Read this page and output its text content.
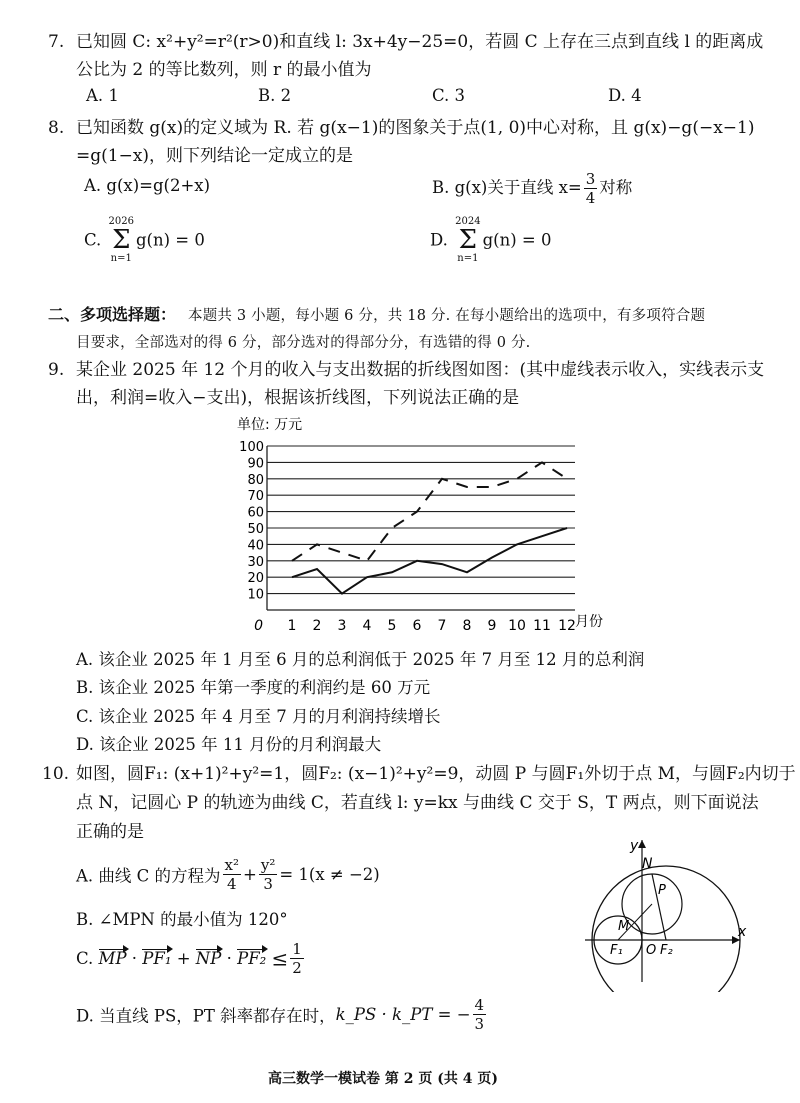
7. 已知圆 C: x²+y²=r²(r>0)和直线 l: 3x+4y−25=0，若圆 C 上存在三点到直线 l 的距离成
公比为 2 的等比数列，则 r 的最小值为
A. 1	B. 2	C. 3	D. 4
8. 已知函数 g(x)的定义域为 R. 若 g(x−1)的图象关于点(1, 0)中心对称，且 g(x)−g(−x−1)
=g(1−x)，则下列结论一定成立的是
A. g(x)=g(2+x)	B. g(x)关于直线 $x= \frac{3}{4}$ 对称
C.
2026
Σ
n=1
g(n) = 0	D.
2024
Σ
n=1
g(n) = 0
二、多项选择题： 本题共 3 小题，每小题 6 分，共 18 分. 在每小题给出的选项中，有多项符合题
目要求，全部选对的得 6 分，部分选对的得部分分，有选错的得 0 分.
9. 某企业 2025 年 12 个月的收入与支出数据的折线图如图：(其中虚线表示收入，实线表示支
出，利润=收入−支出)，根据该折线图，下列说法正确的是
单位: 万元
10
20
30
40
50
60
70
80
90
100
0 1 2 3 4 5 6 7 8 9 10 11 12 月份
A. 该企业 2025 年 1 月至 6 月的总利润低于 2025 年 7 月至 12 月的总利润
B. 该企业 2025 年第一季度的利润约是 60 万元
C. 该企业 2025 年 4 月至 7 月的月利润持续增长
D. 该企业 2025 年 11 月份的月利润最大
10. 如图，圆F₁: (x+1)²+y²=1，圆F₂: (x−1)²+y²=9，动圆 P 与圆F₁外切于点 M，与圆F₂内切于
点 N，记圆心 P 的轨迹为曲线 C，若直线 l: y=kx 与曲线 C 交于 S，T 两点，则下面说法
正确的是
A. 曲线 C 的方程为 $\frac{\text{x²}}{4} + \frac{\text{y²}}{3} = 1(x \ne -2)$
B. ∠MPN 的最小值为 120°
C. MP · PF₁ + NP · $PF_2 \le \frac{1}{2}$
D. 当直线 PS，PT 斜率都存在时，k_PS · k_PT = − $\frac{4}{3}$
y
x
N
P
M
F₁ O F₂
高三数学一模试卷 第 2 页 (共 4 页)
